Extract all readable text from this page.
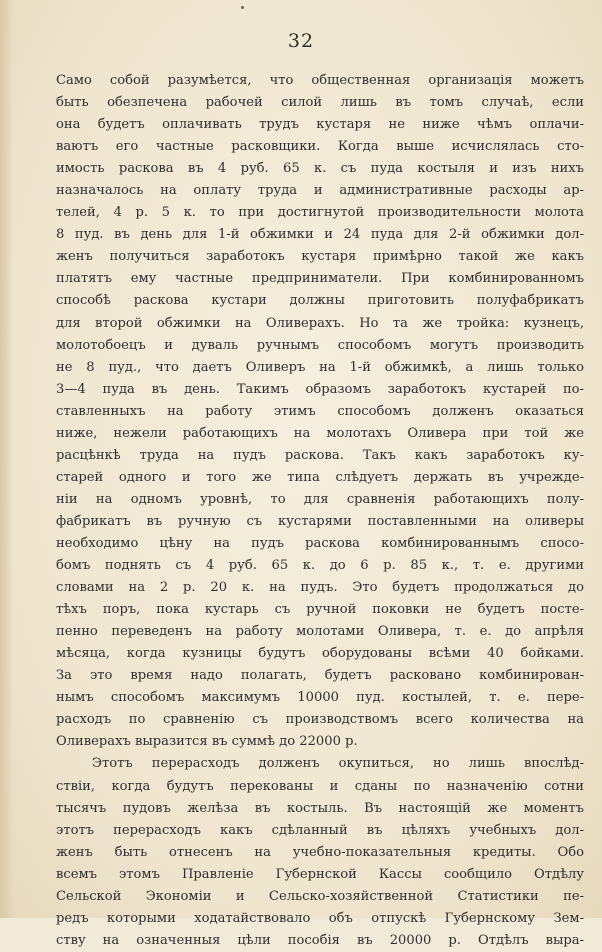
32
Само собой разумѣется, что общественная организація можетъ
быть обезпечена рабочей силой лишь въ томъ случаѣ, если
она будетъ оплачивать трудъ кустаря не ниже чѣмъ оплачи-
ваютъ его частные расковщики. Когда выше исчислялась сто-
имость раскова въ 4 руб. 65 к. съ пуда костыля и изъ нихъ
назначалось на оплату труда и административные расходы ар-
телей, 4 р. 5 к. то при достигнутой производительности молота
8 пуд. въ день для 1-й обжимки и 24 пуда для 2-й обжимки дол-
женъ получиться заработокъ кустаря примѣрно такой же какъ
платятъ ему частные предприниматели. При комбинированномъ
способѣ раскова кустари должны приготовить полуфабрикатъ
для второй обжимки на Оливерахъ. Но та же тройка: кузнецъ,
молотобоецъ и дуваль ручнымъ способомъ могутъ производить
не 8 пуд., что даетъ Оливеръ на 1-й обжимкѣ, а лишь только
3—4 пуда въ день. Такимъ образомъ заработокъ кустарей по-
ставленныхъ на работу этимъ способомъ долженъ оказаться
ниже, нежели работающихъ на молотахъ Оливера при той же
расцѣнкѣ труда на пудъ раскова. Такъ какъ заработокъ ку-
старей одного и того же типа слѣдуетъ держать въ учрежде-
ніи на одномъ уровнѣ, то для сравненія работающихъ полу-
фабрикатъ въ ручную съ кустарями поставленными на оливеры
необходимо цѣну на пудъ раскова комбинированнымъ спосо-
бомъ поднять съ 4 руб. 65 к. до 6 р. 85 к., т. е. другими
словами на 2 р. 20 к. на пудъ. Это будетъ продолжаться до
тѣхъ поръ, пока кустарь съ ручной поковки не будетъ посте-
пенно переведенъ на работу молотами Оливера, т. е. до апрѣля
мѣсяца, когда кузницы будутъ оборудованы всѣми 40 бойками.
За это время надо полагать, будетъ расковано комбинирован-
нымъ способомъ максимумъ 10000 пуд. костылей, т. е. пере-
расходъ по сравненію съ производствомъ всего количества на
Оливерахъ выразится въ суммѣ до 22000 р.
Этотъ перерасходъ долженъ окупиться, но лишь впослѣд-
ствіи, когда будутъ перекованы и сданы по назначенію сотни
тысячъ пудовъ желѣза въ костыль. Въ настоящій же моментъ
этотъ перерасходъ какъ сдѣланный въ цѣляхъ учебныхъ дол-
женъ быть отнесенъ на учебно-показательныя кредиты. Обо
всемъ этомъ Правленіе Губернской Кассы сообщило Отдѣлу
Сельской Экономіи и Сельско-хозяйственной Статистики пе-
редъ которыми ходатайствовало объ отпускѣ Губернскому Зем-
ству на означенныя цѣли пособія въ 20000 р. Отдѣлъ выра-
